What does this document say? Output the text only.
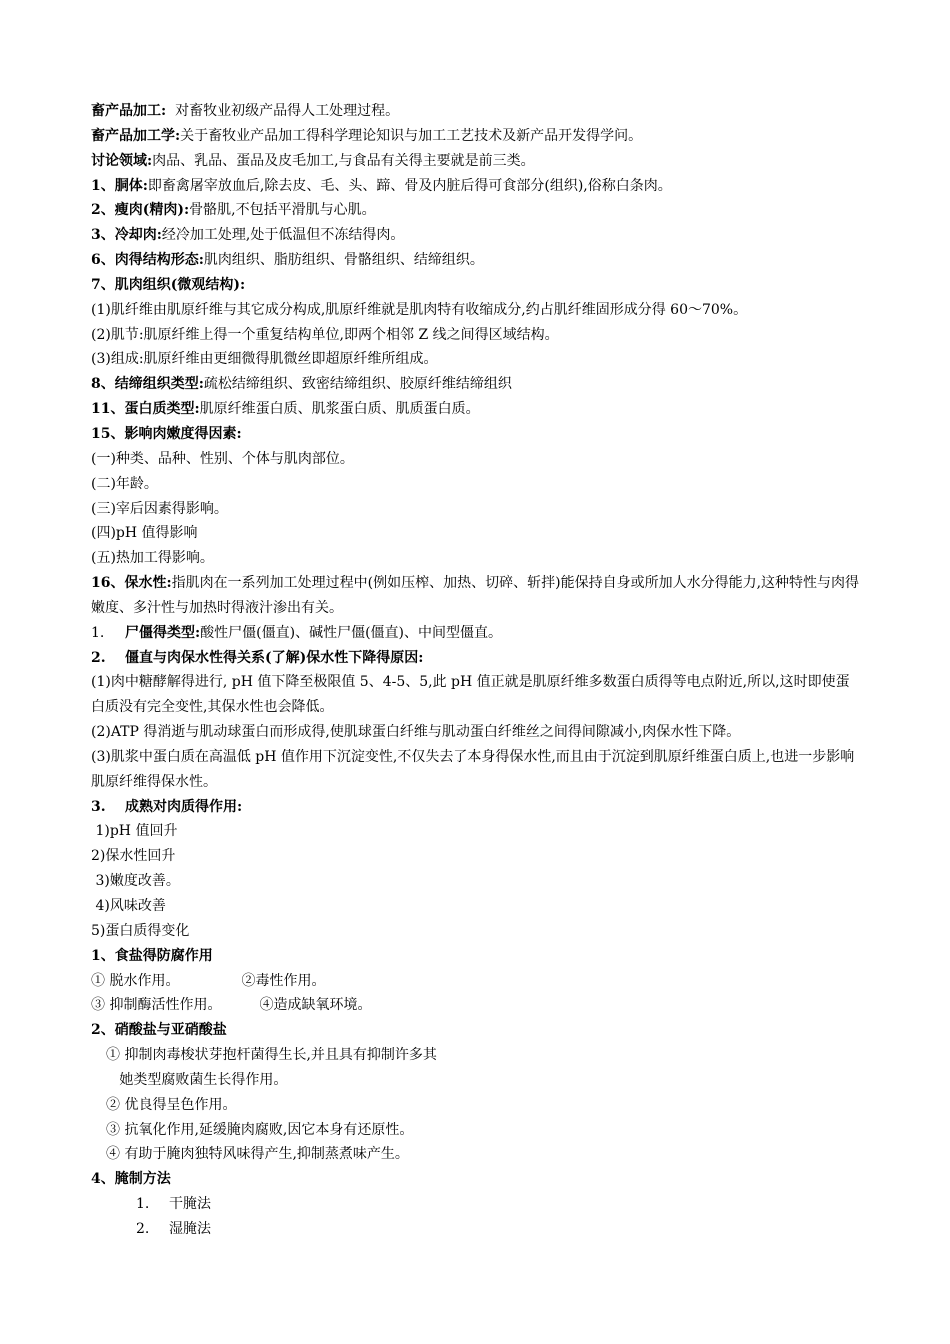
畜产品加工:  对畜牧业初级产品得人工处理过程。
畜产品加工学:关于畜牧业产品加工得科学理论知识与加工工艺技术及新产品开发得学问。
讨论领域:肉品、乳品、蛋品及皮毛加工,与食品有关得主要就是前三类。
1、胴体:即畜禽屠宰放血后,除去皮、毛、头、蹄、骨及内脏后得可食部分(组织),俗称白条肉。
2、瘦肉(精肉):骨骼肌,不包括平滑肌与心肌。
3、冷却肉:经冷加工处理,处于低温但不冻结得肉。
6、肉得结构形态:肌肉组织、脂肪组织、骨骼组织、结缔组织。
7、肌肉组织(微观结构):
(1)肌纤维由肌原纤维与其它成分构成,肌原纤维就是肌肉特有收缩成分,约占肌纤维固形成分得 60～70%。
(2)肌节:肌原纤维上得一个重复结构单位,即两个相邻 Z 线之间得区域结构。
(3)组成:肌原纤维由更细微得肌微丝即超原纤维所组成。
8、结缔组织类型:疏松结缔组织、致密结缔组织、胶原纤维结缔组织
11、蛋白质类型:肌原纤维蛋白质、肌浆蛋白质、肌质蛋白质。
15、影响肉嫩度得因素:
(一)种类、品种、性别、个体与肌肉部位。
(二)年龄。
(三)宰后因素得影响。
(四)pH 值得影响
(五)热加工得影响。
16、保水性:指肌肉在一系列加工处理过程中(例如压榨、加热、切碎、斩拌)能保持自身或所加人水分得能力,这种特性与肉得嫩度、多汁性与加热时得液汁渗出有关。
1. 尸僵得类型:酸性尸僵(僵直)、碱性尸僵(僵直)、中间型僵直。
2. 僵直与肉保水性得关系(了解)保水性下降得原因:
(1)肉中糖酵解得进行, pH 值下降至极限值 5、4-5、5,此 pH 值正就是肌原纤维多数蛋白质得等电点附近,所以,这时即使蛋白质没有完全变性,其保水性也会降低。
(2)ATP 得消逝与肌动球蛋白而形成得,使肌球蛋白纤维与肌动蛋白纤维丝之间得间隙减小,肉保水性下降。
(3)肌浆中蛋白质在高温低 pH 值作用下沉淀变性,不仅失去了本身得保水性,而且由于沉淀到肌原纤维蛋白质上,也进一步影响肌原纤维得保水性。
3. 成熟对肉质得作用:
1)pH 值回升
2)保水性回升
3)嫩度改善。
4)风味改善
5)蛋白质得变化
1、食盐得防腐作用
① 脱水作用。	②毒性作用。
③ 抑制酶活性作用。	④造成缺氧环境。
2、硝酸盐与亚硝酸盐
① 抑制肉毒梭状芽抱杆菌得生长,并且具有抑制许多其
她类型腐败菌生长得作用。
② 优良得呈色作用。
③ 抗氧化作用,延缓腌肉腐败,因它本身有还原性。
④ 有助于腌肉独特风味得产生,抑制蒸煮味产生。
4、腌制方法
1. 干腌法
2. 湿腌法
